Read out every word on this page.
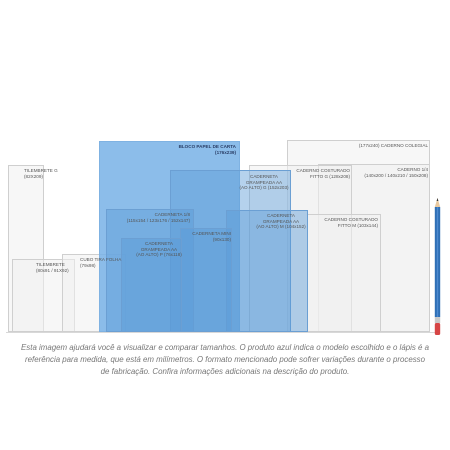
TILEMBRETE G
(82X209)
TILEMBRETE
(80x91 / 91X92)
CUBO TIRA FOLHA
(79x98)
BLOCO PAPEL DE CARTA
(176x239)
CADERNETA 1/8
(115x154 / 123x176 / 152x147)
CADERNETA
GRAMPEADA AA
(AO ALTO) P (76x118)
CADERNETA MINI
(90x130)
CADERNETA
GRAMPEADA AA
(AO ALTO) G (152x203)
CADERNETA
GRAMPEADA AA
(AO ALTO) M (104x152)
CADERNO COSTURADO
FITTO G (128x208)
CADERNO COSTURADO
FITTO M (103x144)
(177x240) CADERNO COLEGIAL
CADERNO 1/4
(140x200 / 140x210 / 150x208)

Esta imagem ajudará você a visualizar e comparar tamanhos. O produto azul indica o modelo escolhido e o lápis é a referência para medida, que está em milímetros. O formato mencionado pode sofrer variações durante o processo de fabricação. Confira informações adicionais na descrição do produto.
